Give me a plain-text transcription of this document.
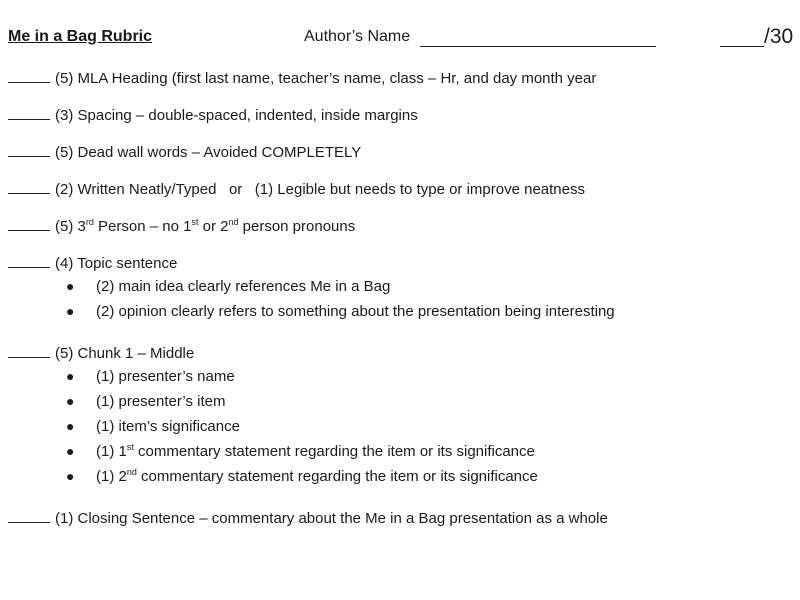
Me in a Bag Rubric	Author’s Name	/30
(5) MLA Heading (first last name, teacher’s name, class – Hr, and day month year
(3) Spacing – double-spaced, indented, inside margins
(5) Dead wall words – Avoided COMPLETELY
(2) Written Neatly/Typed   or   (1) Legible but needs to type or improve neatness
(5) 3rd Person – no 1st or 2nd person pronouns
(4) Topic sentence
● (2) main idea clearly references Me in a Bag
● (2) opinion clearly refers to something about the presentation being interesting
(5) Chunk 1 – Middle
● (1) presenter’s name
● (1) presenter’s item
● (1) item’s significance
● (1) 1st commentary statement regarding the item or its significance
● (1) 2nd commentary statement regarding the item or its significance
(1) Closing Sentence – commentary about the Me in a Bag presentation as a whole
